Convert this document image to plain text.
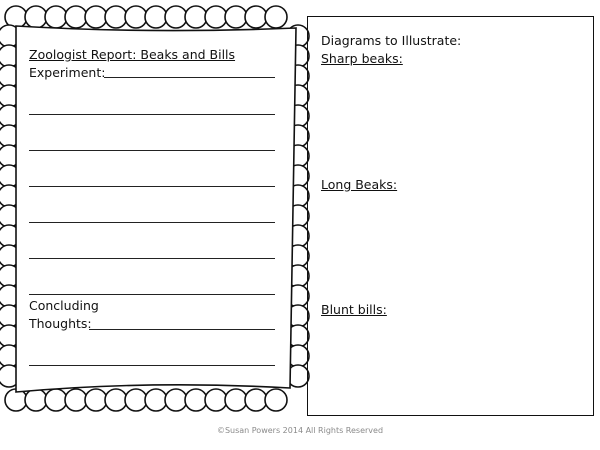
Zoologist Report: Beaks and Bills
Experiment:
Concluding
Thoughts:
Diagrams to Illustrate:
Sharp beaks:
Long Beaks:
Blunt bills:
©Susan Powers 2014 All Rights Reserved
